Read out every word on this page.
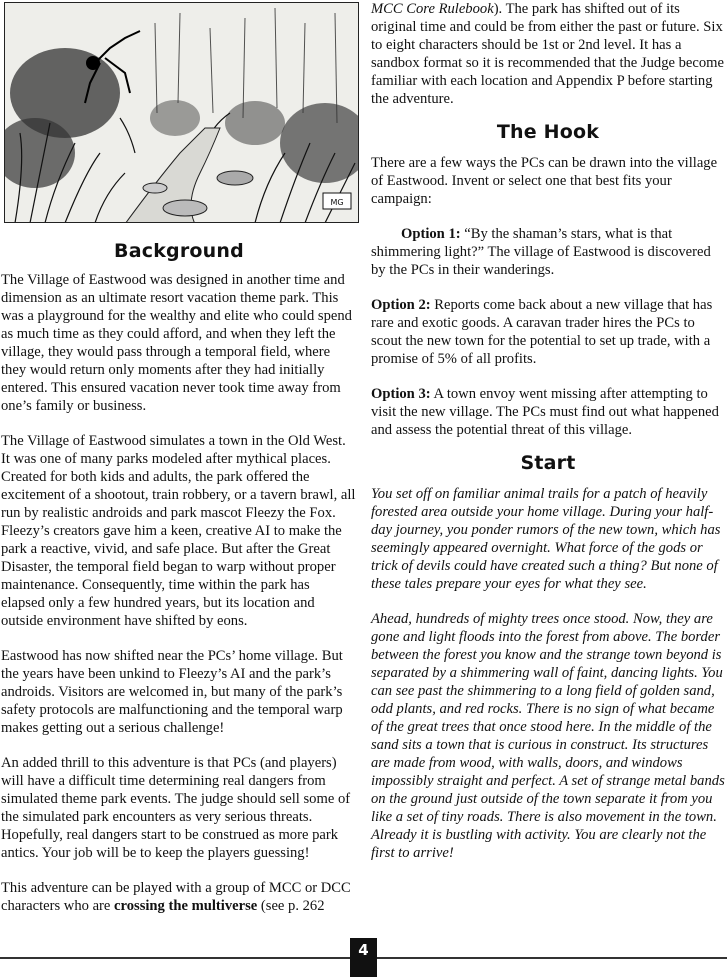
MG
Background

The Village of Eastwood was designed in another time and dimension as an ultimate resort vacation theme park. This was a playground for the wealthy and elite who could spend as much time as they could afford, and when they left the village, they would pass through a temporal field, where they would return only moments after they had initially entered. This ensured vacation never took time away from one’s family or business.

The Village of Eastwood simulates a town in the Old West. It was one of many parks modeled after mythical places. Created for both kids and adults, the park offered the excitement of a shootout, train robbery, or a tavern brawl, all run by realistic androids and park mascot Fleezy the Fox. Fleezy’s creators gave him a keen, creative AI to make the park a reactive, vivid, and safe place. But after the Great Disaster, the temporal field began to warp without proper maintenance. Consequently, time within the park has elapsed only a few hundred years, but its location and outside environment have shifted by eons.

Eastwood has now shifted near the PCs’ home village. But the years have been unkind to Fleezy’s AI and the park’s androids. Visitors are welcomed in, but many of the park’s safety protocols are malfunctioning and the temporal warp makes getting out a serious challenge!

An added thrill to this adventure is that PCs (and players) will have a difficult time determining real dangers from simulated theme park events. The judge should sell some of the simulated park encounters as very serious threats. Hopefully, real dangers start to be construed as more park antics. Your job will be to keep the players guessing!

This adventure can be played with a group of MCC or DCC characters who are crossing the multiverse (see p. 262

MCC Core Rulebook). The park has shifted out of its original time and could be from either the past or future. Six to eight characters should be 1st or 2nd level. It has a sandbox format so it is recommended that the Judge become familiar with each location and Appendix P before starting the adventure.

The Hook

There are a few ways the PCs can be drawn into the village of Eastwood. Invent or select one that best fits your campaign:

Option 1: “By the shaman’s stars, what is that shimmering light?” The village of Eastwood is discovered by the PCs in their wanderings.

Option 2: Reports come back about a new village that has rare and exotic goods. A caravan trader hires the PCs to scout the new town for the potential to set up trade, with a promise of 5% of all profits.

Option 3: A town envoy went missing after attempting to visit the new village. The PCs must find out what happened and assess the potential threat of this village.

Start

You set off on familiar animal trails for a patch of heavily forested area outside your home village. During your half-day journey, you ponder rumors of the new town, which has seemingly appeared overnight. What force of the gods or trick of devils could have created such a thing? But none of these tales prepare your eyes for what they see.

Ahead, hundreds of mighty trees once stood. Now, they are gone and light floods into the forest from above. The border between the forest you know and the strange town beyond is separated by a shimmering wall of faint, dancing lights. You can see past the shimmering to a long field of golden sand, odd plants, and red rocks. There is no sign of what became of the great trees that once stood here. In the middle of the sand sits a town that is curious in construct. Its structures are made from wood, with walls, doors, and windows impossibly straight and perfect. A set of strange metal bands on the ground just outside of the town separate it from you like a set of tiny roads. There is also movement in the town. Already it is bustling with activity. You are clearly not the first to arrive!

4
